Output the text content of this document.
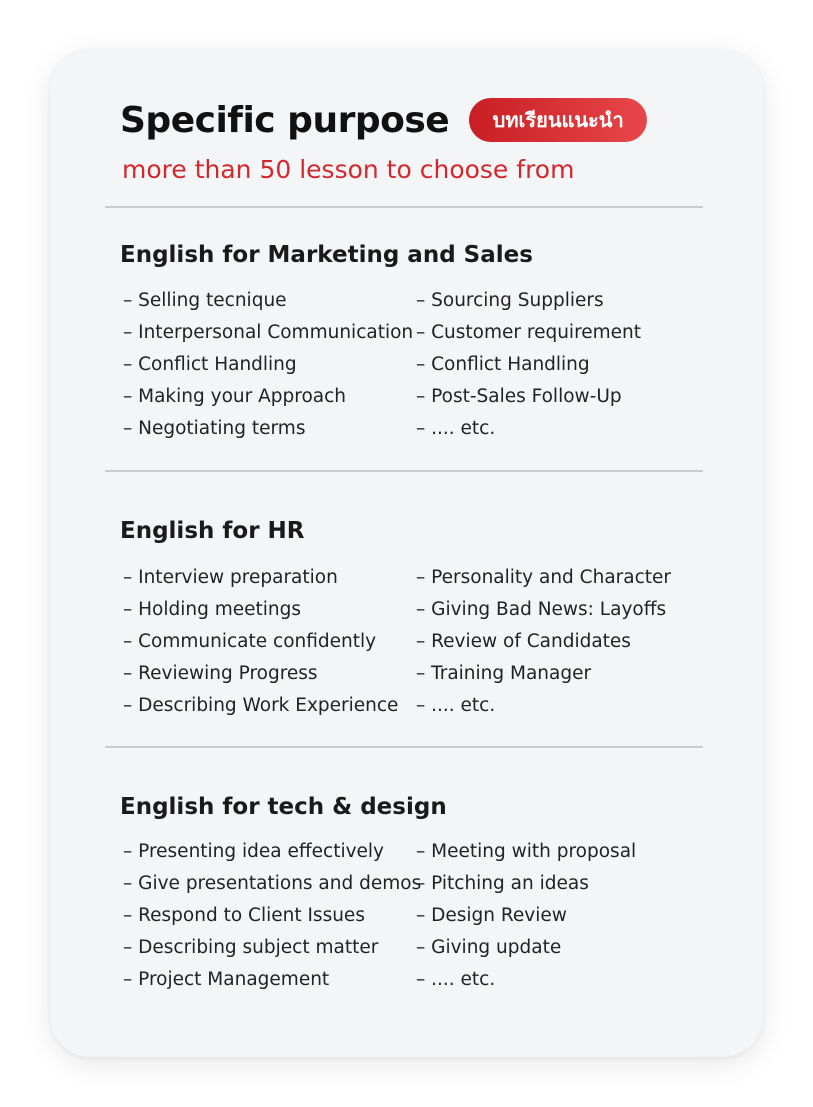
Specific purpose	บทเรียนแนะนำ
more than 50 lesson to choose from
English for Marketing and Sales
– Selling tecnique
– Interpersonal Communication
– Conflict Handling
– Making your Approach
– Negotiating terms
– Sourcing Suppliers
– Customer requirement
– Conflict Handling
– Post-Sales Follow-Up
– .... etc.
English for HR
– Interview preparation
– Holding meetings
– Communicate confidently
– Reviewing Progress
– Describing Work Experience
– Personality and Character
– Giving Bad News: Layoffs
– Review of Candidates
– Training Manager
– .... etc.
English for tech & design
– Presenting idea effectively
– Give presentations and demos
– Respond to Client Issues
– Describing subject matter
– Project Management
– Meeting with proposal
– Pitching an ideas
– Design Review
– Giving update
– .... etc.
